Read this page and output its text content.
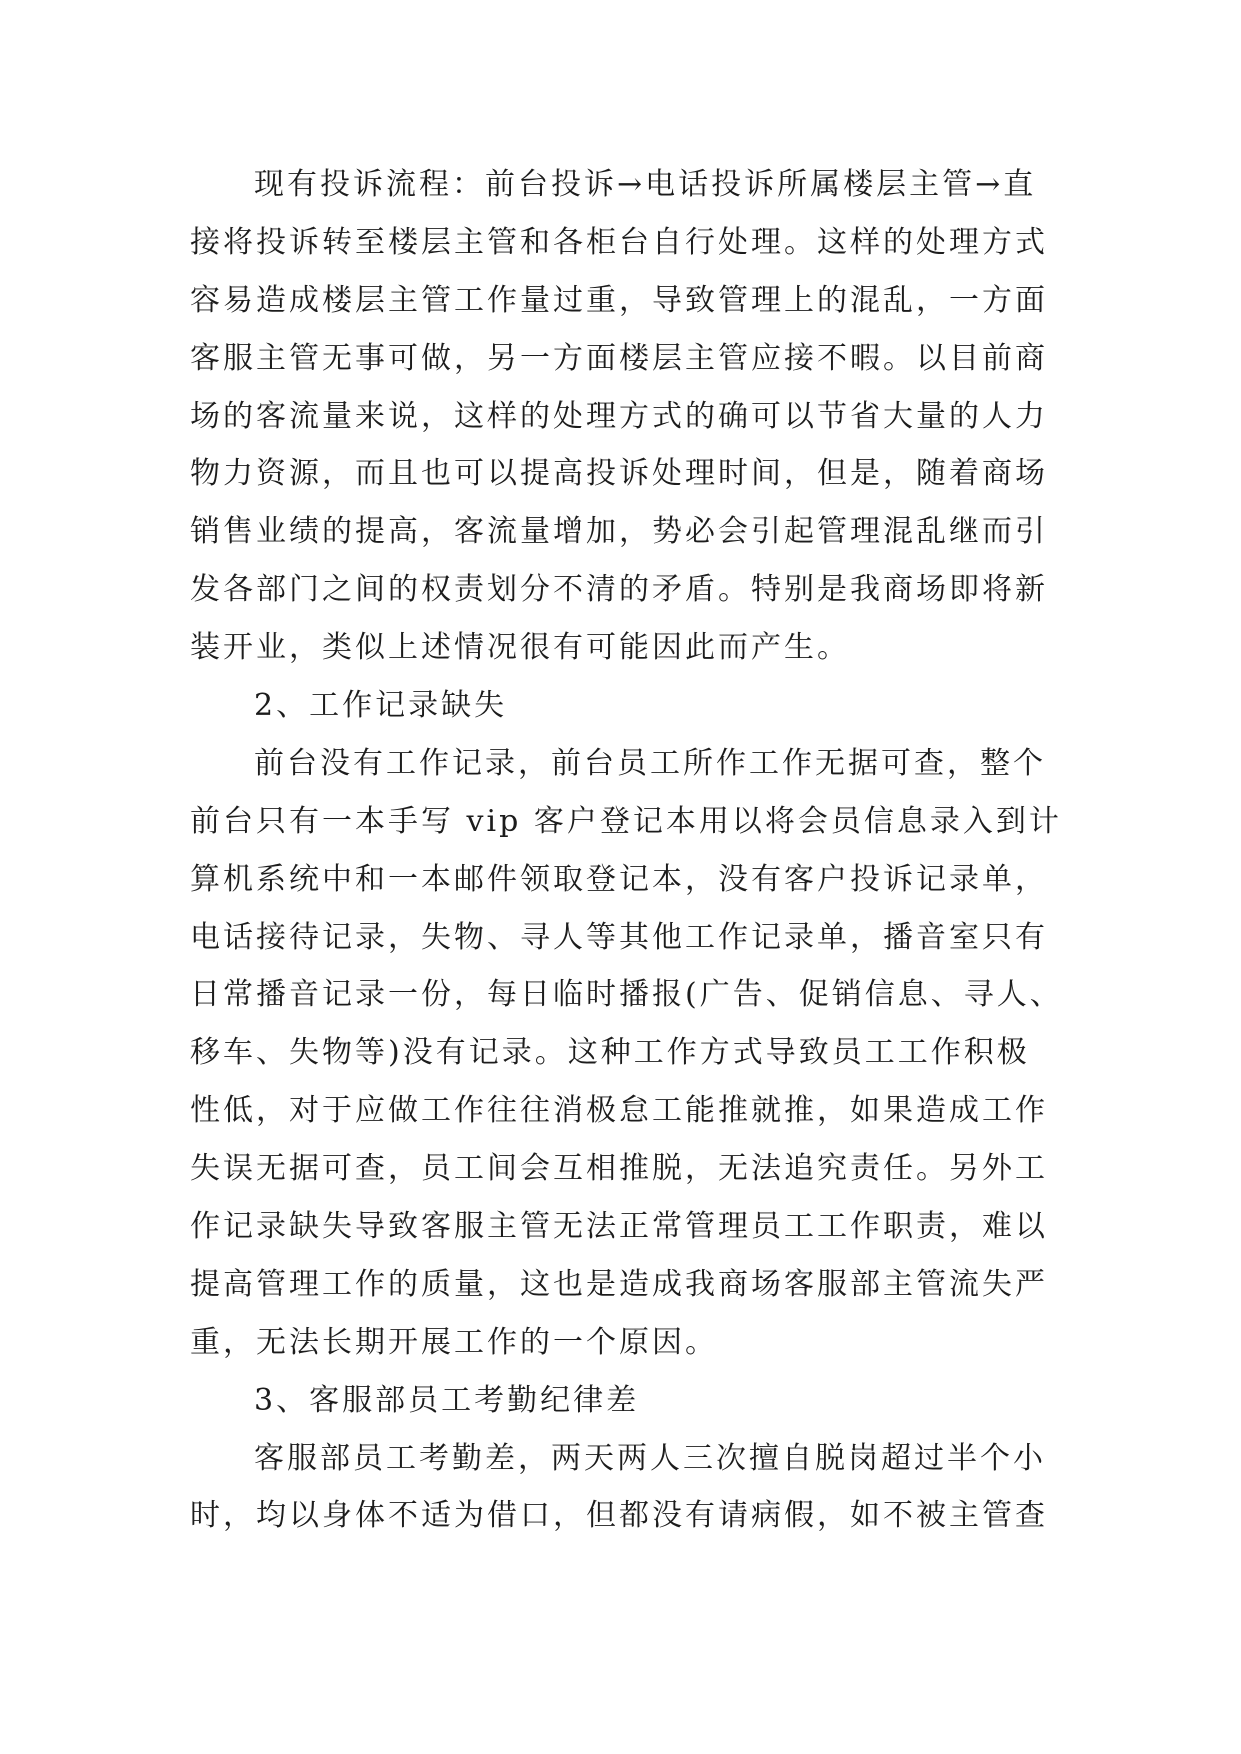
现有投诉流程：前台投诉→电话投诉所属楼层主管→直
接将投诉转至楼层主管和各柜台自行处理。这样的处理方式
容易造成楼层主管工作量过重，导致管理上的混乱，一方面
客服主管无事可做，另一方面楼层主管应接不暇。以目前商
场的客流量来说，这样的处理方式的确可以节省大量的人力
物力资源，而且也可以提高投诉处理时间，但是，随着商场
销售业绩的提高，客流量增加，势必会引起管理混乱继而引
发各部门之间的权责划分不清的矛盾。特别是我商场即将新
装开业，类似上述情况很有可能因此而产生。
2、工作记录缺失
前台没有工作记录，前台员工所作工作无据可查，整个
前台只有一本手写 vip 客户登记本用以将会员信息录入到计
算机系统中和一本邮件领取登记本，没有客户投诉记录单，
电话接待记录，失物、寻人等其他工作记录单，播音室只有
日常播音记录一份，每日临时播报(广告、促销信息、寻人、
移车、失物等)没有记录。这种工作方式导致员工工作积极
性低，对于应做工作往往消极怠工能推就推，如果造成工作
失误无据可查，员工间会互相推脱，无法追究责任。另外工
作记录缺失导致客服主管无法正常管理员工工作职责，难以
提高管理工作的质量，这也是造成我商场客服部主管流失严
重，无法长期开展工作的一个原因。
3、客服部员工考勤纪律差
客服部员工考勤差，两天两人三次擅自脱岗超过半个小
时，均以身体不适为借口，但都没有请病假，如不被主管查
